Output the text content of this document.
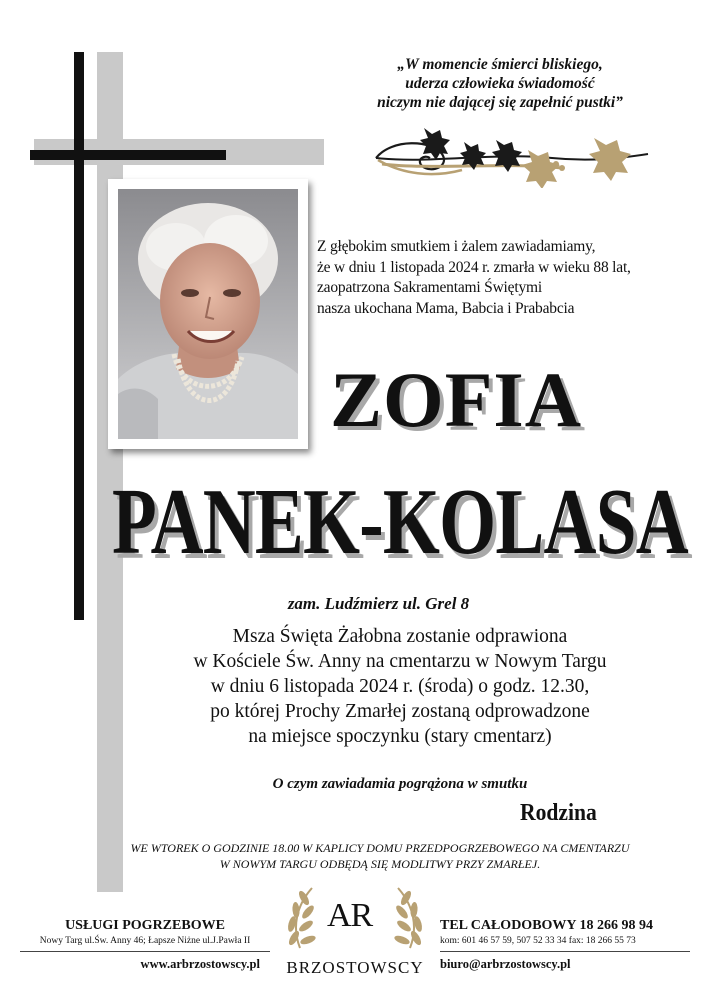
„W momencie śmierci bliskiego,
uderza człowieka świadomość
niczym nie dającej się zapełnić pustki”
Z głębokim smutkiem i żalem zawiadamiamy,
że w dniu 1 listopada 2024 r. zmarła w wieku 88 lat,
zaopatrzona Sakramentami Świętymi
nasza ukochana Mama, Babcia i Prababcia
ZOFIA
PANEK-KOLASA
zam. Ludźmierz ul. Grel 8
Msza Święta Żałobna zostanie odprawiona
w Kościele Św. Anny na cmentarzu w Nowym Targu
w dniu 6 listopada 2024 r. (środa) o godz. 12.30,
po której Prochy Zmarłej zostaną odprowadzone
na miejsce spoczynku (stary cmentarz)
O czym zawiadamia pogrążona w smutku
Rodzina
WE WTOREK O GODZINIE 18.00 W KAPLICY DOMU PRZEDPOGRZEBOWEGO NA CMENTARZU
W NOWYM TARGU ODBĘDĄ SIĘ MODLITWY PRZY ZMARŁEJ.
USŁUGI POGRZEBOWE
Nowy Targ ul.Św. Anny 46; Łapsze Niżne ul.J.Pawła II
www.arbrzostowscy.pl
AR
BRZOSTOWSCY
TEL CAŁODOBOWY 18 266 98 94
kom: 601 46 57 59, 507 52 33 34 fax: 18 266 55 73
biuro@arbrzostowscy.pl
